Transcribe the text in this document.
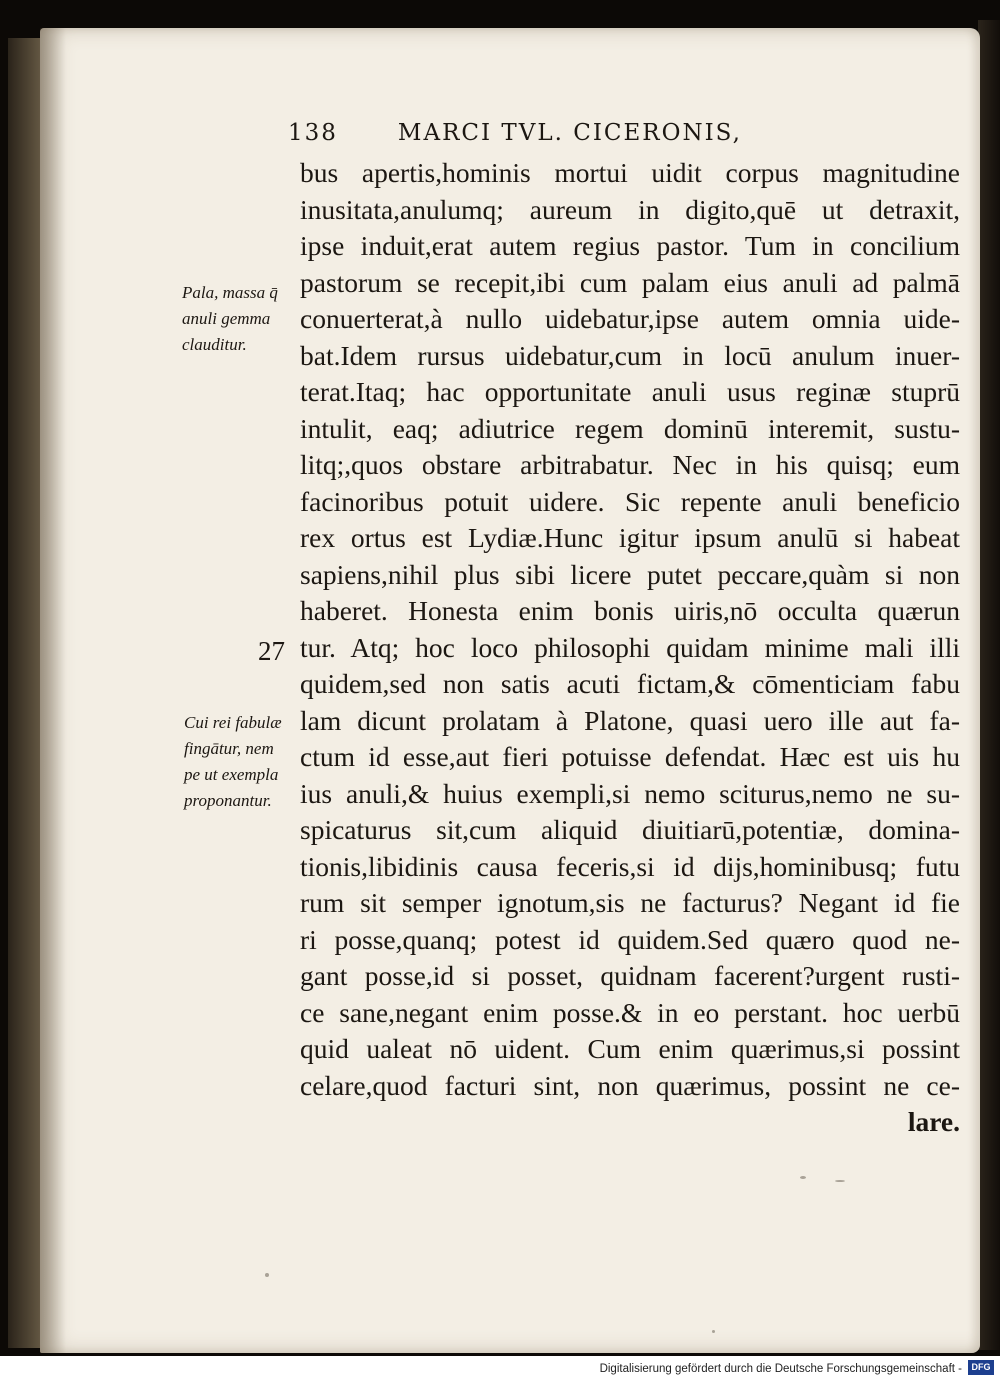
138	MARCI TVL. CICERONIS,
bus apertis,hominis mortui uidit corpus magnitudine
inusitata,anulumq; aureum in digito,quē ut detraxit,
ipse induit,erat autem regius pastor. Tum in concilium
pastorum se recepit,ibi cum palam eius anuli ad palmā
conuerterat,à nullo uidebatur,ipse autem omnia uide-
bat.Idem rursus uidebatur,cum in locū anulum inuer-
terat.Itaq; hac opportunitate anuli usus reginæ stuprū
intulit, eaq; adiutrice regem dominū interemit, sustu-
litq;,quos obstare arbitrabatur. Nec in his quisq; eum
facinoribus potuit uidere. Sic repente anuli beneficio
rex ortus est Lydiæ.Hunc igitur ipsum anulū si habeat
sapiens,nihil plus sibi licere putet peccare,quàm si non
haberet. Honesta enim bonis uiris,nō occulta quærun
tur. Atq; hoc loco philosophi quidam minime mali illi
quidem,sed non satis acuti fictam,& cōmenticiam fabu
lam dicunt prolatam à Platone, quasi uero ille aut fa-
ctum id esse,aut fieri potuisse defendat. Hæc est uis hu
ius anuli,& huius exempli,si nemo sciturus,nemo ne su-
spicaturus sit,cum aliquid diuitiarū,potentiæ, domina-
tionis,libidinis causa feceris,si id dijs,hominibusq; futu
rum sit semper ignotum,sis ne facturus? Negant id fie
ri posse,quanq; potest id quidem.Sed quæro quod ne-
gant posse,id si posset, quidnam facerent?urgent rusti-
ce sane,negant enim posse.& in eo perstant. hoc uerbū
quid ualeat nō uident. Cum enim quærimus,si possint
celare,quod facturi sint, non quærimus, possint ne ce-
lare.
Pala, massa q̄
anuli gemma
clauditur.
27
Cui rei fabulæ
fingātur, nem
pe ut exempla
proponantur.
Digitalisierung gefördert durch die Deutsche Forschungsgemeinschaft -	DFG
